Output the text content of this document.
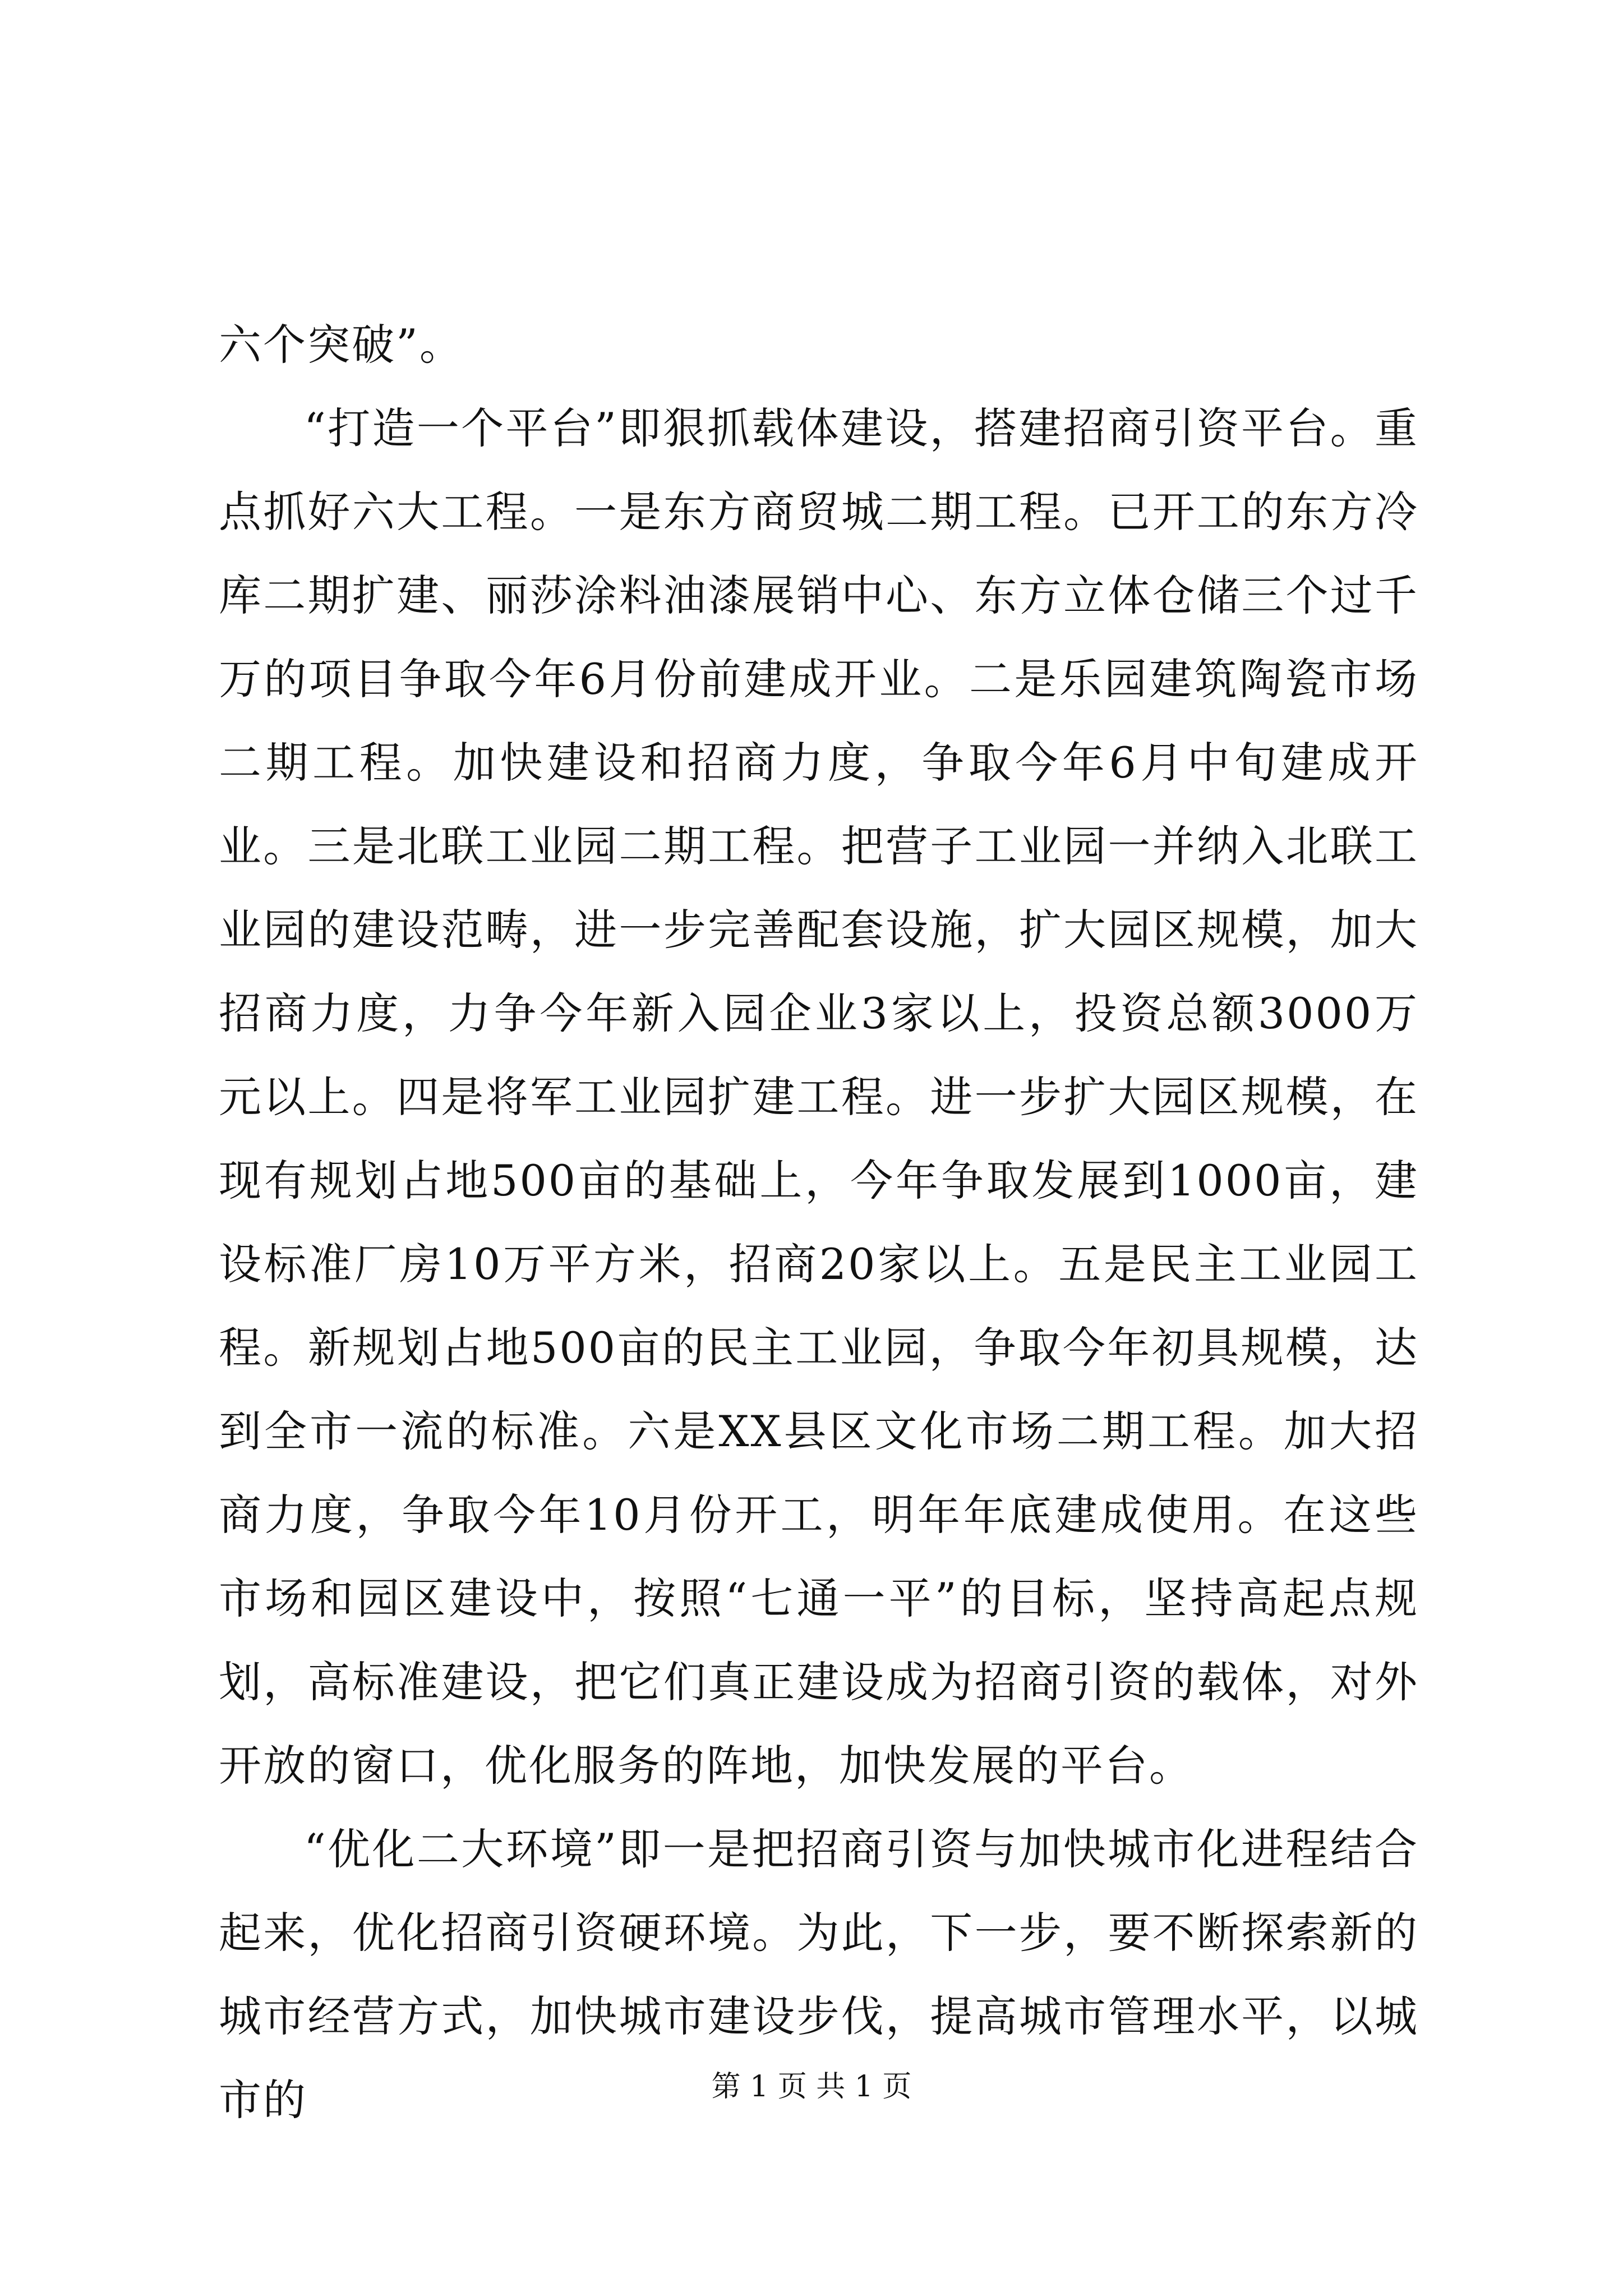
六个突破”。

“打造一个平台”即狠抓载体建设，搭建招商引资平台。重点抓好六大工程。一是东方商贸城二期工程。已开工的东方冷库二期扩建、丽莎涂料油漆展销中心、东方立体仓储三个过千万的项目争取今年6月份前建成开业。二是乐园建筑陶瓷市场二期工程。加快建设和招商力度，争取今年6月中旬建成开业。三是北联工业园二期工程。把营子工业园一并纳入北联工业园的建设范畴，进一步完善配套设施，扩大园区规模，加大招商力度，力争今年新入园企业3家以上，投资总额3000万元以上。四是将军工业园扩建工程。进一步扩大园区规模，在现有规划占地500亩的基础上，今年争取发展到1000亩，建设标准厂房10万平方米，招商20家以上。五是民主工业园工程。新规划占地500亩的民主工业园，争取今年初具规模，达到全市一流的标准。六是XX县区文化市场二期工程。加大招商力度，争取今年10月份开工，明年年底建成使用。在这些市场和园区建设中，按照“七通一平”的目标，坚持高起点规划，高标准建设，把它们真正建设成为招商引资的载体，对外开放的窗口，优化服务的阵地，加快发展的平台。

“优化二大环境”即一是把招商引资与加快城市化进程结合起来，优化招商引资硬环境。为此，下一步，要不断探索新的城市经营方式，加快城市建设步伐，提高城市管理水平，以城市的	第 1 页 共 1 页
